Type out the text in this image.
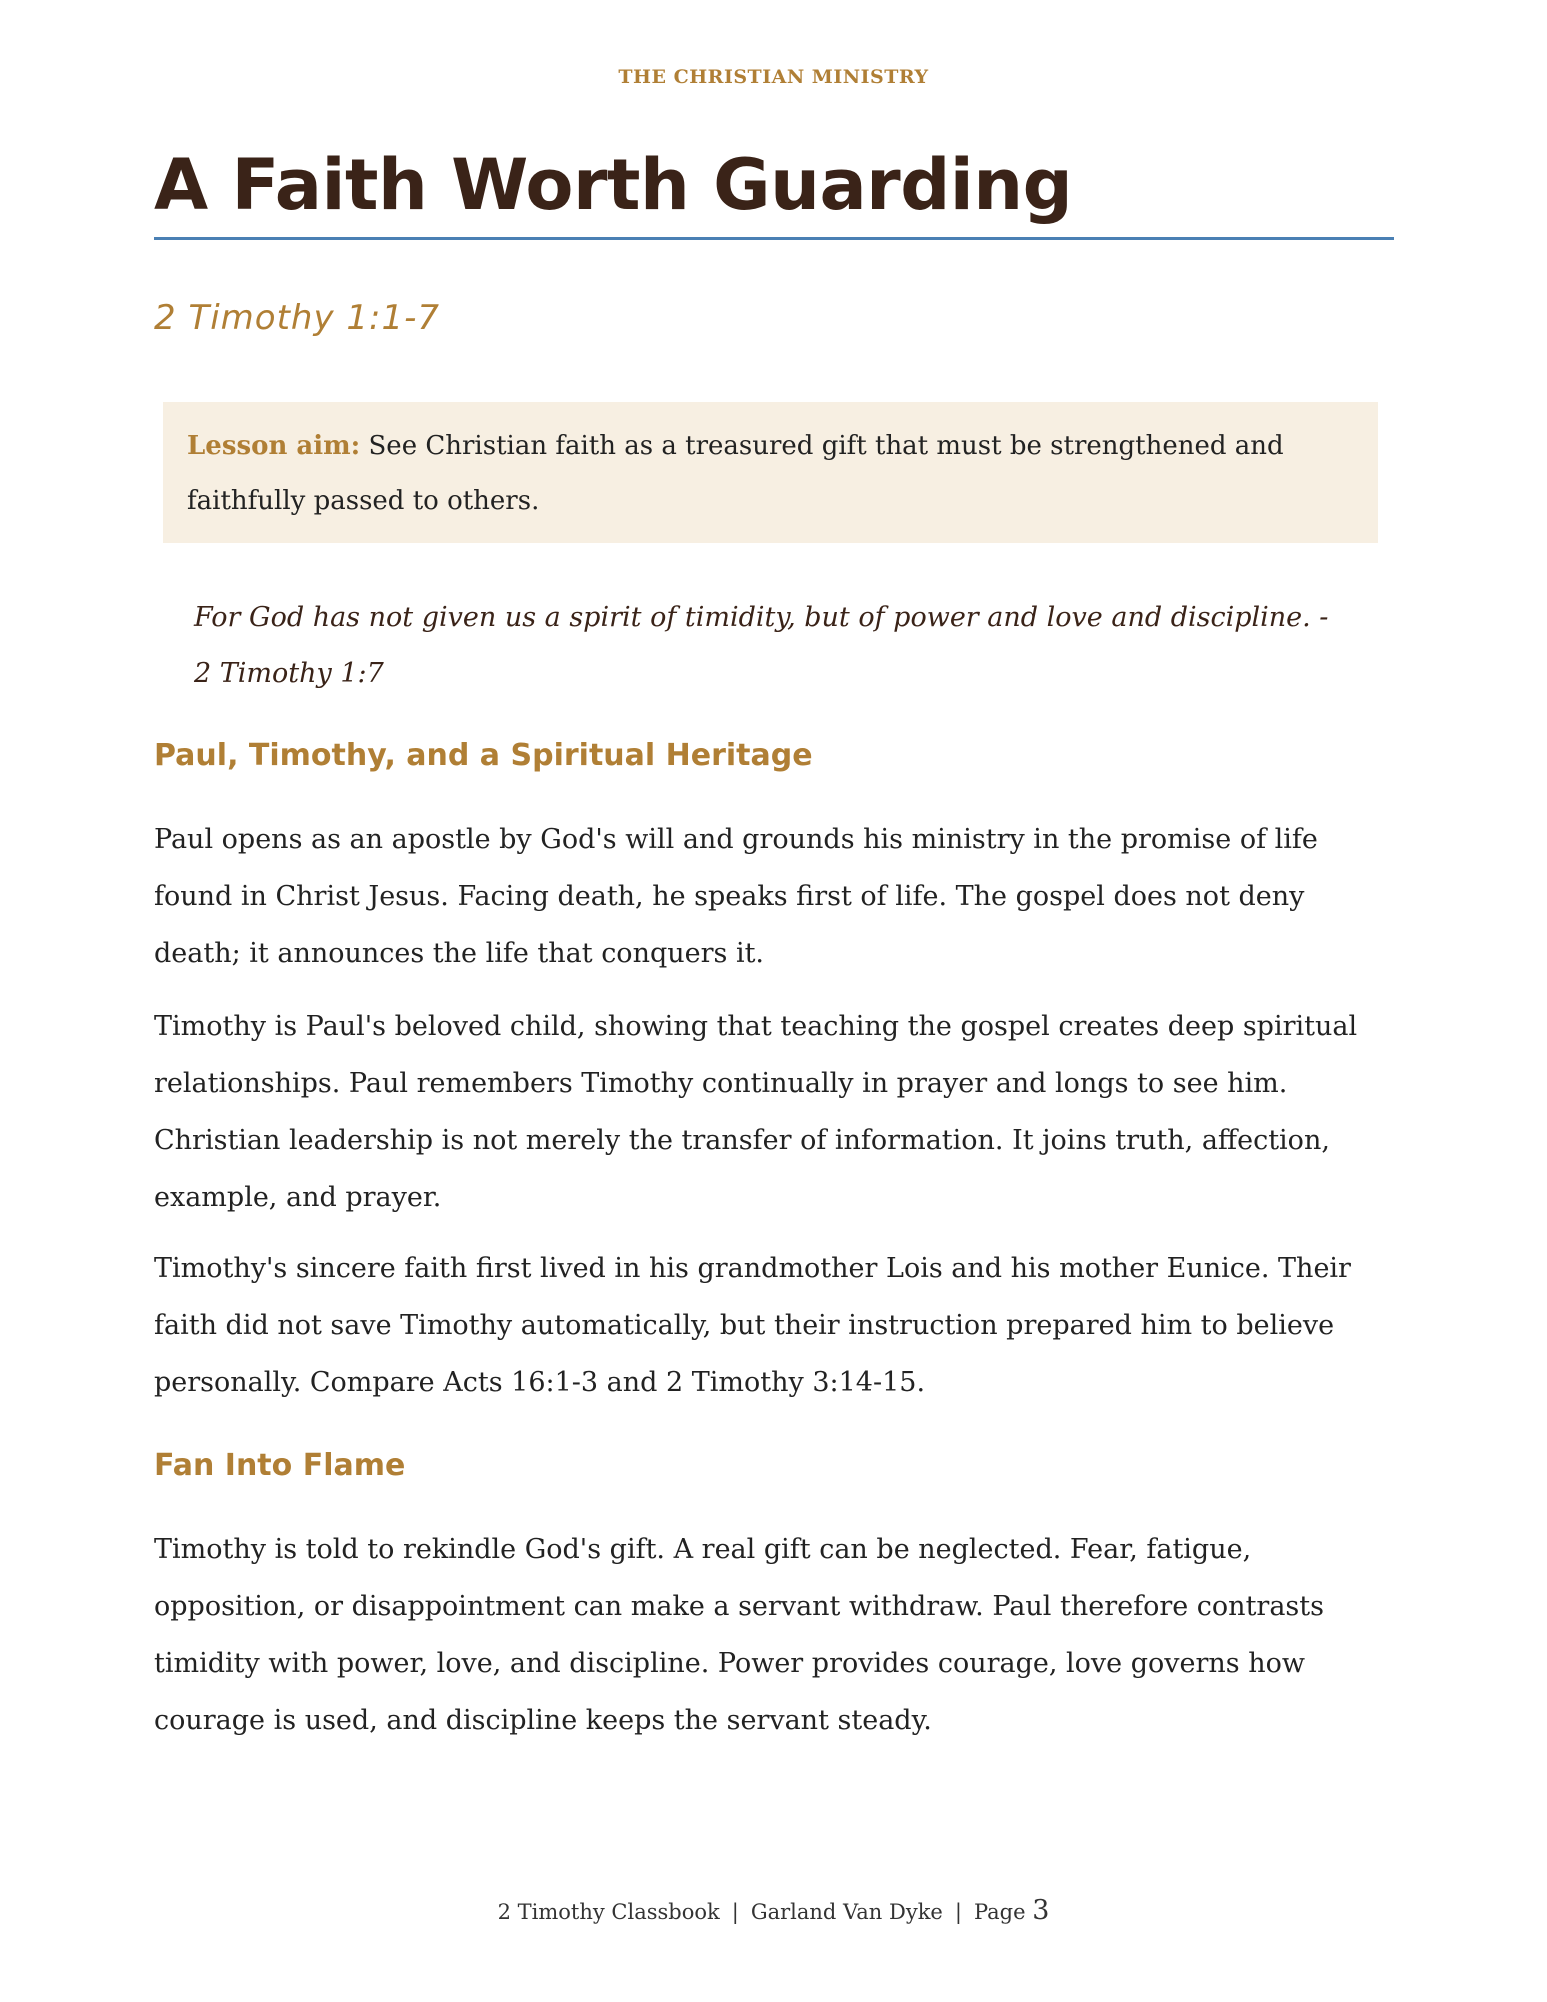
THE CHRISTIAN MINISTRY
A Faith Worth Guarding
2 Timothy 1:1-7
Lesson aim: See Christian faith as a treasured gift that must be strengthened and faithfully passed to others.
For God has not given us a spirit of timidity, but of power and love and discipline. - 2 Timothy 1:7
Paul, Timothy, and a Spiritual Heritage

Paul opens as an apostle by God's will and grounds his ministry in the promise of life found in Christ Jesus. Facing death, he speaks first of life. The gospel does not deny death; it announces the life that conquers it.

Timothy is Paul's beloved child, showing that teaching the gospel creates deep spiritual relationships. Paul remembers Timothy continually in prayer and longs to see him. Christian leadership is not merely the transfer of information. It joins truth, affection, example, and prayer.

Timothy's sincere faith first lived in his grandmother Lois and his mother Eunice. Their faith did not save Timothy automatically, but their instruction prepared him to believe personally. Compare Acts 16:1-3 and 2 Timothy 3:14-15.

Fan Into Flame

Timothy is told to rekindle God's gift. A real gift can be neglected. Fear, fatigue, opposition, or disappointment can make a servant withdraw. Paul therefore contrasts timidity with power, love, and discipline. Power provides courage, love governs how courage is used, and discipline keeps the servant steady.

2 Timothy Classbook | Garland Van Dyke | Page 3
